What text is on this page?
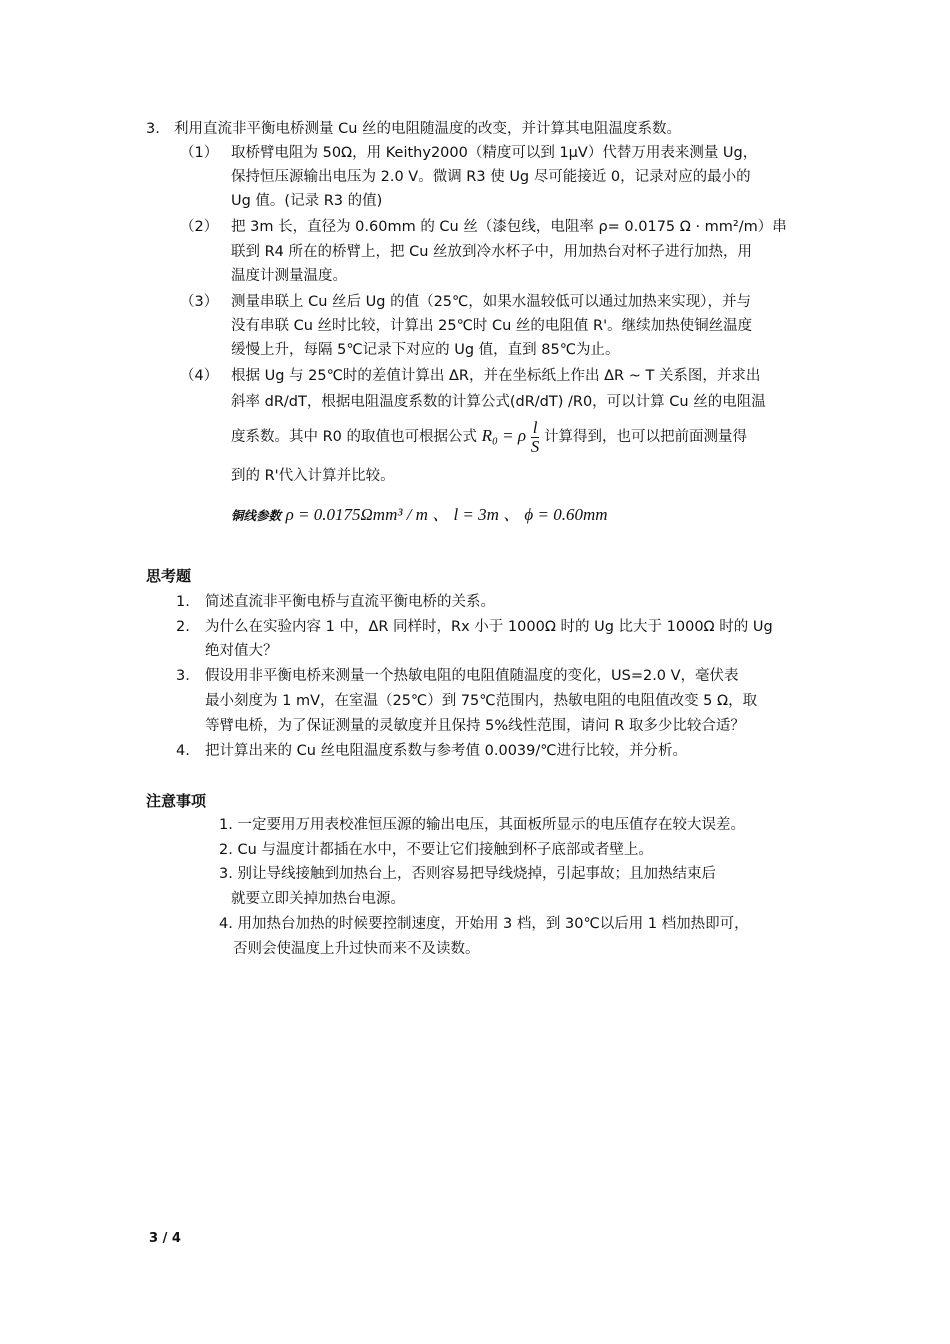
3. 利用直流非平衡电桥测量 Cu 丝的电阻随温度的改变，并计算其电阻温度系数。
（1） 取桥臂电阻为 50Ω，用 Keithy2000（精度可以到 1μV）代替万用表来测量 Ug，
保持恒压源输出电压为 2.0 V。微调 R3 使 Ug 尽可能接近 0，记录对应的最小的
Ug 值。(记录 R3 的值)
（2） 把 3m 长，直径为 0.60mm 的 Cu 丝（漆包线，电阻率 ρ= 0.0175 Ω · mm²/m）串
联到 R4 所在的桥臂上，把 Cu 丝放到冷水杯子中，用加热台对杯子进行加热，用
温度计测量温度。
（3） 测量串联上 Cu 丝后 Ug 的值（25℃，如果水温较低可以通过加热来实现），并与
没有串联 Cu 丝时比较，计算出 25℃时 Cu 丝的电阻值 R'。继续加热使铜丝温度
缓慢上升，每隔 5℃记录下对应的 Ug 值，直到 85℃为止。
（4） 根据 Ug 与 25℃时的差值计算出 ΔR，并在坐标纸上作出 ΔR ~ T 关系图，并求出
斜率 dR/dT，根据电阻温度系数的计算公式(dR/dT) /R0，可以计算 Cu 丝的电阻温
度系数。其中 R0 的取值也可根据公式 R₀ = ρ $\frac{l}{S}$ 计算得到，也可以把前面测量得
到的 R'代入计算并比较。
铜线参数 ρ = 0.0175Ωmm³ / m 、 l = 3m 、 ϕ = 0.60mm
思考题
1. 简述直流非平衡电桥与直流平衡电桥的关系。
2. 为什么在实验内容 1 中，ΔR 同样时，Rx 小于 1000Ω 时的 Ug 比大于 1000Ω 时的 Ug
绝对值大？
3. 假设用非平衡电桥来测量一个热敏电阻的电阻值随温度的变化，US=2.0 V，毫伏表
最小刻度为 1 mV，在室温（25℃）到 75℃范围内，热敏电阻的电阻值改变 5 Ω，取
等臂电桥，为了保证测量的灵敏度并且保持 5%线性范围，请问 R 取多少比较合适？
4. 把计算出来的 Cu 丝电阻温度系数与参考值 0.0039/℃进行比较，并分析。
注意事项
1. 一定要用万用表校准恒压源的输出电压，其面板所显示的电压值存在较大误差。
2. Cu 与温度计都插在水中，不要让它们接触到杯子底部或者壁上。
3. 别让导线接触到加热台上，否则容易把导线烧掉，引起事故；且加热结束后
就要立即关掉加热台电源。
4. 用加热台加热的时候要控制速度，开始用 3 档，到 30℃以后用 1 档加热即可，
否则会使温度上升过快而来不及读数。
3 / 4
